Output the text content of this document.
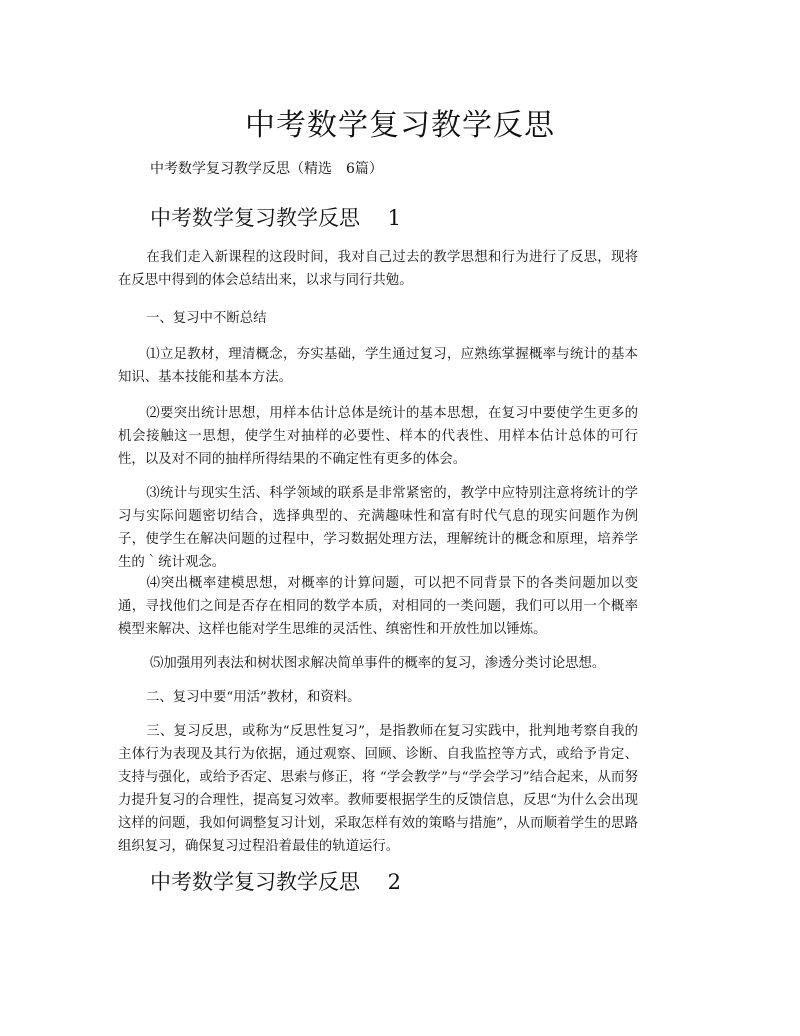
中考数学复习教学反思
中考数学复习教学反思（精选　6篇）
中考数学复习教学反思　 1
在我们走入新课程的这段时间，我对自己过去的教学思想和行为进行了反思，现将在反思中得到的体会总结出来，以求与同行共勉。
一、复习中不断总结
⑴立足教材，理清概念，夯实基础，学生通过复习，应熟练掌握概率与统计的基本知识、基本技能和基本方法。
⑵要突出统计思想，用样本估计总体是统计的基本思想，在复习中要使学生更多的机会接触这一思想，使学生对抽样的必要性、样本的代表性、用样本估计总体的可行性，以及对不同的抽样所得结果的不确定性有更多的体会。
⑶统计与现实生活、科学领域的联系是非常紧密的，教学中应特别注意将统计的学习与实际问题密切结合，选择典型的、充满趣味性和富有时代气息的现实问题作为例子，使学生在解决问题的过程中，学习数据处理方法，理解统计的概念和原理，培养学生的｀统计观念。
⑷突出概率建模思想，对概率的计算问题，可以把不同背景下的各类问题加以变通，寻找他们之间是否存在相同的数学本质，对相同的一类问题，我们可以用一个概率模型来解决、这样也能对学生思维的灵活性、缜密性和开放性加以锤炼。
⑸加强用列表法和树状图求解决简单事件的概率的复习，渗透分类讨论思想。
二、复习中要“用活”教材，和资料。
三、复习反思，或称为“反思性复习”，是指教师在复习实践中，批判地考察自我的主体行为表现及其行为依据，通过观察、回顾、诊断、自我监控等方式，或给予肯定、支持与强化，或给予否定、思索与修正，将 “学会教学”与“学会学习”结合起来，从而努力提升复习的合理性，提高复习效率。教师要根据学生的反馈信息，反思“为什么会出现这样的问题，我如何调整复习计划，采取怎样有效的策略与措施”，从而顺着学生的思路组织复习，确保复习过程沿着最佳的轨道运行。
中考数学复习教学反思　 2
